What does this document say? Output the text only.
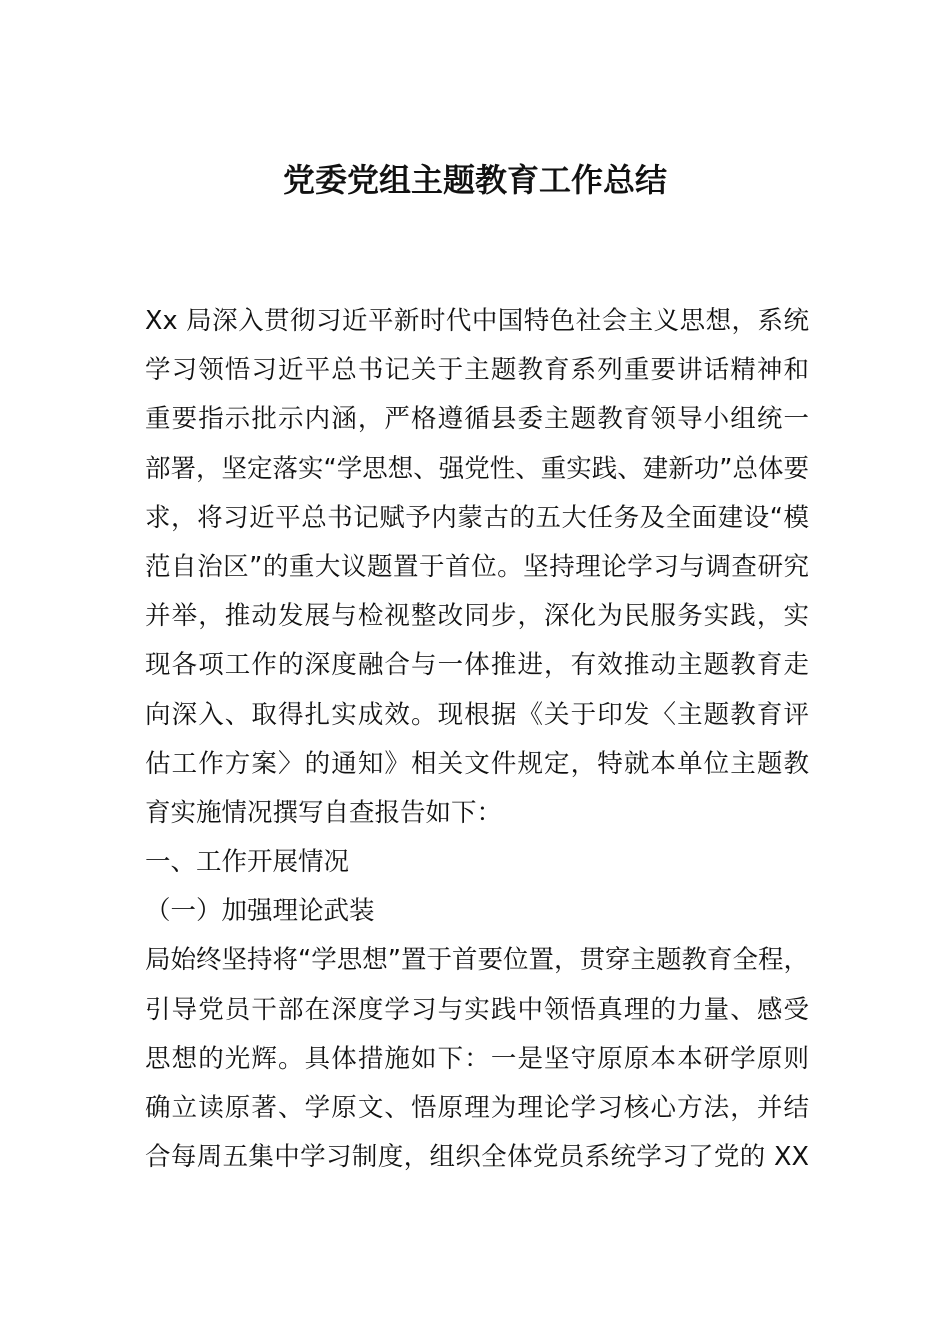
党委党组主题教育工作总结
Xx 局深入贯彻习近平新时代中国特色社会主义思想，系统
学习领悟习近平总书记关于主题教育系列重要讲话精神和
重要指示批示内涵，严格遵循县委主题教育领导小组统一
部署，坚定落实“学思想、强党性、重实践、建新功”总体要
求，将习近平总书记赋予内蒙古的五大任务及全面建设“模
范自治区”的重大议题置于首位。坚持理论学习与调查研究
并举，推动发展与检视整改同步，深化为民服务实践，实
现各项工作的深度融合与一体推进，有效推动主题教育走
向深入、取得扎实成效。现根据《关于印发〈主题教育评
估工作方案〉的通知》相关文件规定，特就本单位主题教
育实施情况撰写自查报告如下：
一、工作开展情况
（一）加强理论武装
局始终坚持将“学思想”置于首要位置，贯穿主题教育全程，
引导党员干部在深度学习与实践中领悟真理的力量、感受
思想的光辉。具体措施如下：一是坚守原原本本研学原则
确立读原著、学原文、悟原理为理论学习核心方法，并结
合每周五集中学习制度，组织全体党员系统学习了党的 XX
